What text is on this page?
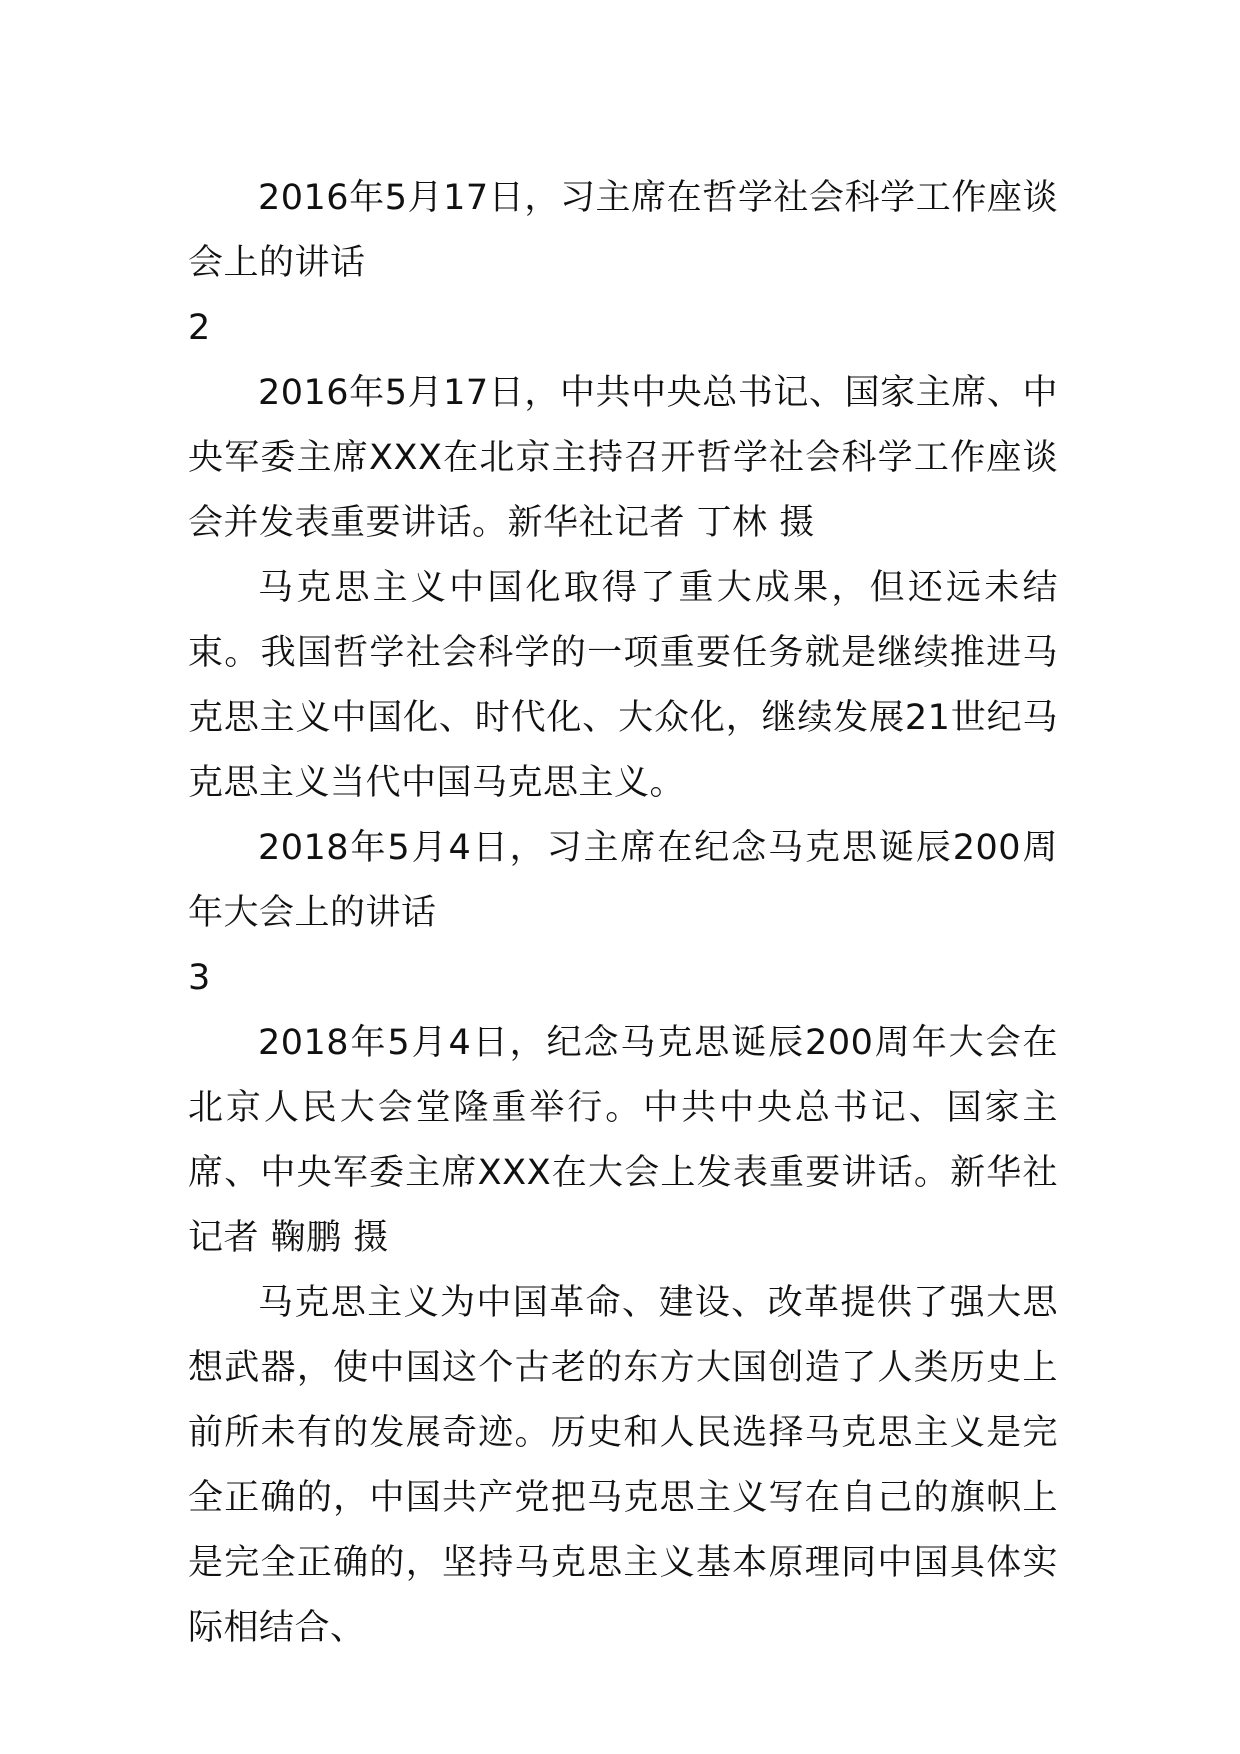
2016年5月17日，习主席在哲学社会科学工作座谈会上的讲话

2

2016年5月17日，中共中央总书记、国家主席、中央军委主席XXX在北京主持召开哲学社会科学工作座谈会并发表重要讲话。新华社记者 丁林 摄

马克思主义中国化取得了重大成果，但还远未结束。我国哲学社会科学的一项重要任务就是继续推进马克思主义中国化、时代化、大众化，继续发展21世纪马克思主义当代中国马克思主义。

2018年5月4日，习主席在纪念马克思诞辰200周年大会上的讲话

3

2018年5月4日，纪念马克思诞辰200周年大会在北京人民大会堂隆重举行。中共中央总书记、国家主席、中央军委主席XXX在大会上发表重要讲话。新华社记者 鞠鹏 摄

马克思主义为中国革命、建设、改革提供了强大思想武器，使中国这个古老的东方大国创造了人类历史上前所未有的发展奇迹。历史和人民选择马克思主义是完全正确的，中国共产党把马克思主义写在自己的旗帜上是完全正确的，坚持马克思主义基本原理同中国具体实际相结合、
